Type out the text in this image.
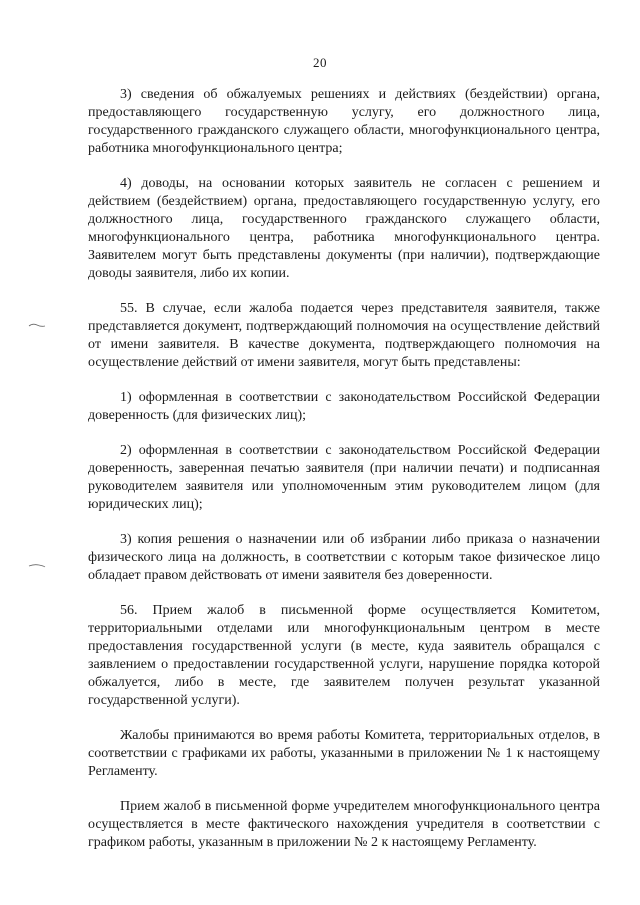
20

3) сведения об обжалуемых решениях и действиях (бездействии) органа, предоставляющего государственную услугу, его должностного лица, государственного гражданского служащего области, многофункционального центра, работника многофункционального центра;

4) доводы, на основании которых заявитель не согласен с решением и действием (бездействием) органа, предоставляющего государственную услугу, его должностного лица, государственного гражданского служащего области, многофункционального центра, работника многофункционального центра. Заявителем могут быть представлены документы (при наличии), подтверждающие доводы заявителя, либо их копии.

55. В случае, если жалоба подается через представителя заявителя, также представляется документ, подтверждающий полномочия на осуществление действий от имени заявителя. В качестве документа, подтверждающего полномочия на осуществление действий от имени заявителя, могут быть представлены:

1) оформленная в соответствии с законодательством Российской Федерации доверенность (для физических лиц);

2) оформленная в соответствии с законодательством Российской Федерации доверенность, заверенная печатью заявителя (при наличии печати) и подписанная руководителем заявителя или уполномоченным этим руководителем лицом (для юридических лиц);

3) копия решения о назначении или об избрании либо приказа о назначении физического лица на должность, в соответствии с которым такое физическое лицо обладает правом действовать от имени заявителя без доверенности.

56. Прием жалоб в письменной форме осуществляется Комитетом, территориальными отделами или многофункциональным центром в месте предоставления государственной услуги (в месте, куда заявитель обращался с заявлением о предоставлении государственной услуги, нарушение порядка которой обжалуется, либо в месте, где заявителем получен результат указанной государственной услуги).

Жалобы принимаются во время работы Комитета, территориальных отделов, в соответствии с графиками их работы, указанными в приложении № 1 к настоящему Регламенту.

Прием жалоб в письменной форме учредителем многофункционального центра осуществляется в месте фактического нахождения учредителя в соответствии с графиком работы, указанным в приложении № 2 к настоящему Регламенту.
